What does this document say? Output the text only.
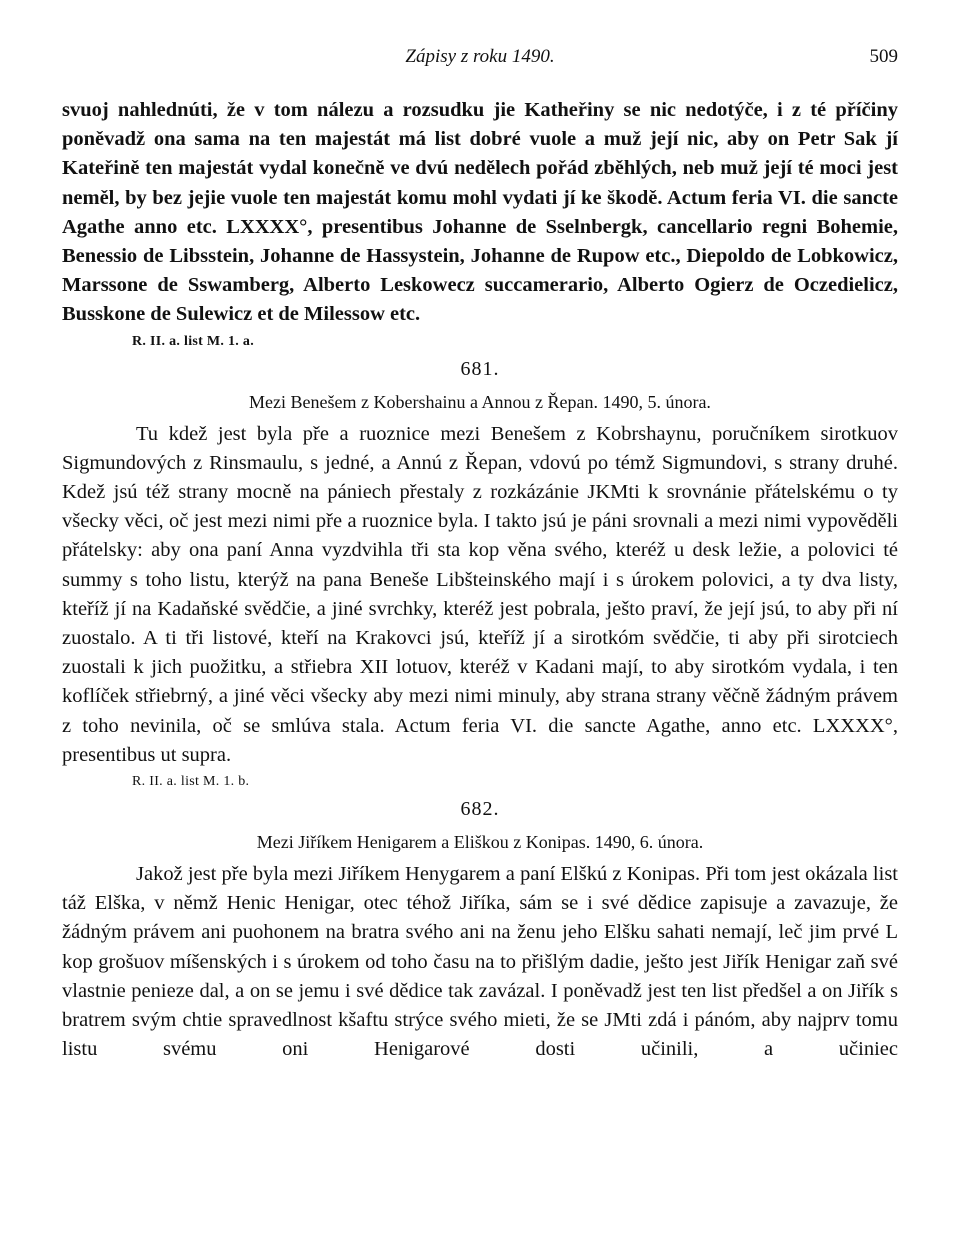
Zápisy z roku 1490.	509

svuoj nahlednúti, že v tom nálezu a rozsudku jie Katheřiny se nic nedotýče, i z té příčiny poněvadž ona sama na ten majestát má list dobré vuole a muž její nic, aby on Petr Sak jí Kateřině ten majestát vydal konečně ve dvú nedělech pořád zběhlých, neb muž její té moci jest neměl, by bez jejie vuole ten majestát komu mohl vydati jí ke škodě. Actum feria VI. die sancte Agathe anno etc. LXXXX°, presentibus Johanne de Sselnbergk, cancellario regni Bohemie, Benessio de Libsstein, Johanne de Hassystein, Johanne de Rupow etc., Diepoldo de Lobkowicz, Marssone de Sswamberg, Alberto Leskowecz succamerario, Alberto Ogierz de Oczedielicz, Busskone de Sulewicz et de Milessow etc.

R. II. a. list M. 1. a.
681.
Mezi Benešem z Kobershainu a Annou z Řepan. 1490, 5. února.

Tu kdež jest byla pře a ruoznice mezi Benešem z Kobrshaynu, poručníkem sirotkuov Sigmundových z Rinsmaulu, s jedné, a Annú z Řepan, vdovú po témž Sigmundovi, s strany druhé. Kdež jsú též strany mocně na pániech přestaly z rozkázánie JKMti k srovnánie přátelskému o ty všecky věci, oč jest mezi nimi pře a ruoznice byla. I takto jsú je páni srovnali a mezi nimi vypověděli přátelsky: aby ona paní Anna vyzdvihla tři sta kop věna svého, kteréž u desk ležie, a polovici té summy s toho listu, kterýž na pana Beneše Libšteinského mají i s úrokem polovici, a ty dva listy, kteříž jí na Kadaňské svědčie, a jiné svrchky, kteréž jest pobrala, ješto praví, že její jsú, to aby při ní zuostalo. A ti tři listové, kteří na Krakovci jsú, kteříž jí a sirotkóm svědčie, ti aby při sirotciech zuostali k jich puožitku, a střiebra XII lotuov, kteréž v Kadani mají, to aby sirotkóm vydala, i ten koflíček střiebrný, a jiné věci všecky aby mezi nimi minuly, aby strana strany věčně žádným právem z toho nevinila, oč se smlúva stala. Actum feria VI. die sancte Agathe, anno etc. LXXXX°, presentibus ut supra.

R. II. a. list M. 1. b.
682.
Mezi Jiříkem Henigarem a Eliškou z Konipas. 1490, 6. února.

Jakož jest pře byla mezi Jiříkem Henygarem a paní Elškú z Konipas. Při tom jest okázala list táž Elška, v němž Henic Henigar, otec téhož Jiříka, sám se i své dědice zapisuje a zavazuje, že žádným právem ani puohonem na bratra svého ani na ženu jeho Elšku sahati nemají, leč jim prvé L kop grošuov míšenských i s úrokem od toho času na to přišlým dadie, ješto jest Jiřík Henigar zaň své vlastnie penieze dal, a on se jemu i své dědice tak zavázal. I poněvadž jest ten list předšel a on Jiřík s bratrem svým chtie spravedlnost kšaftu strýce svého mieti, že se JMti zdá i pánóm, aby najprv tomu listu svému oni Henigarové dosti učinili, a učiniec
